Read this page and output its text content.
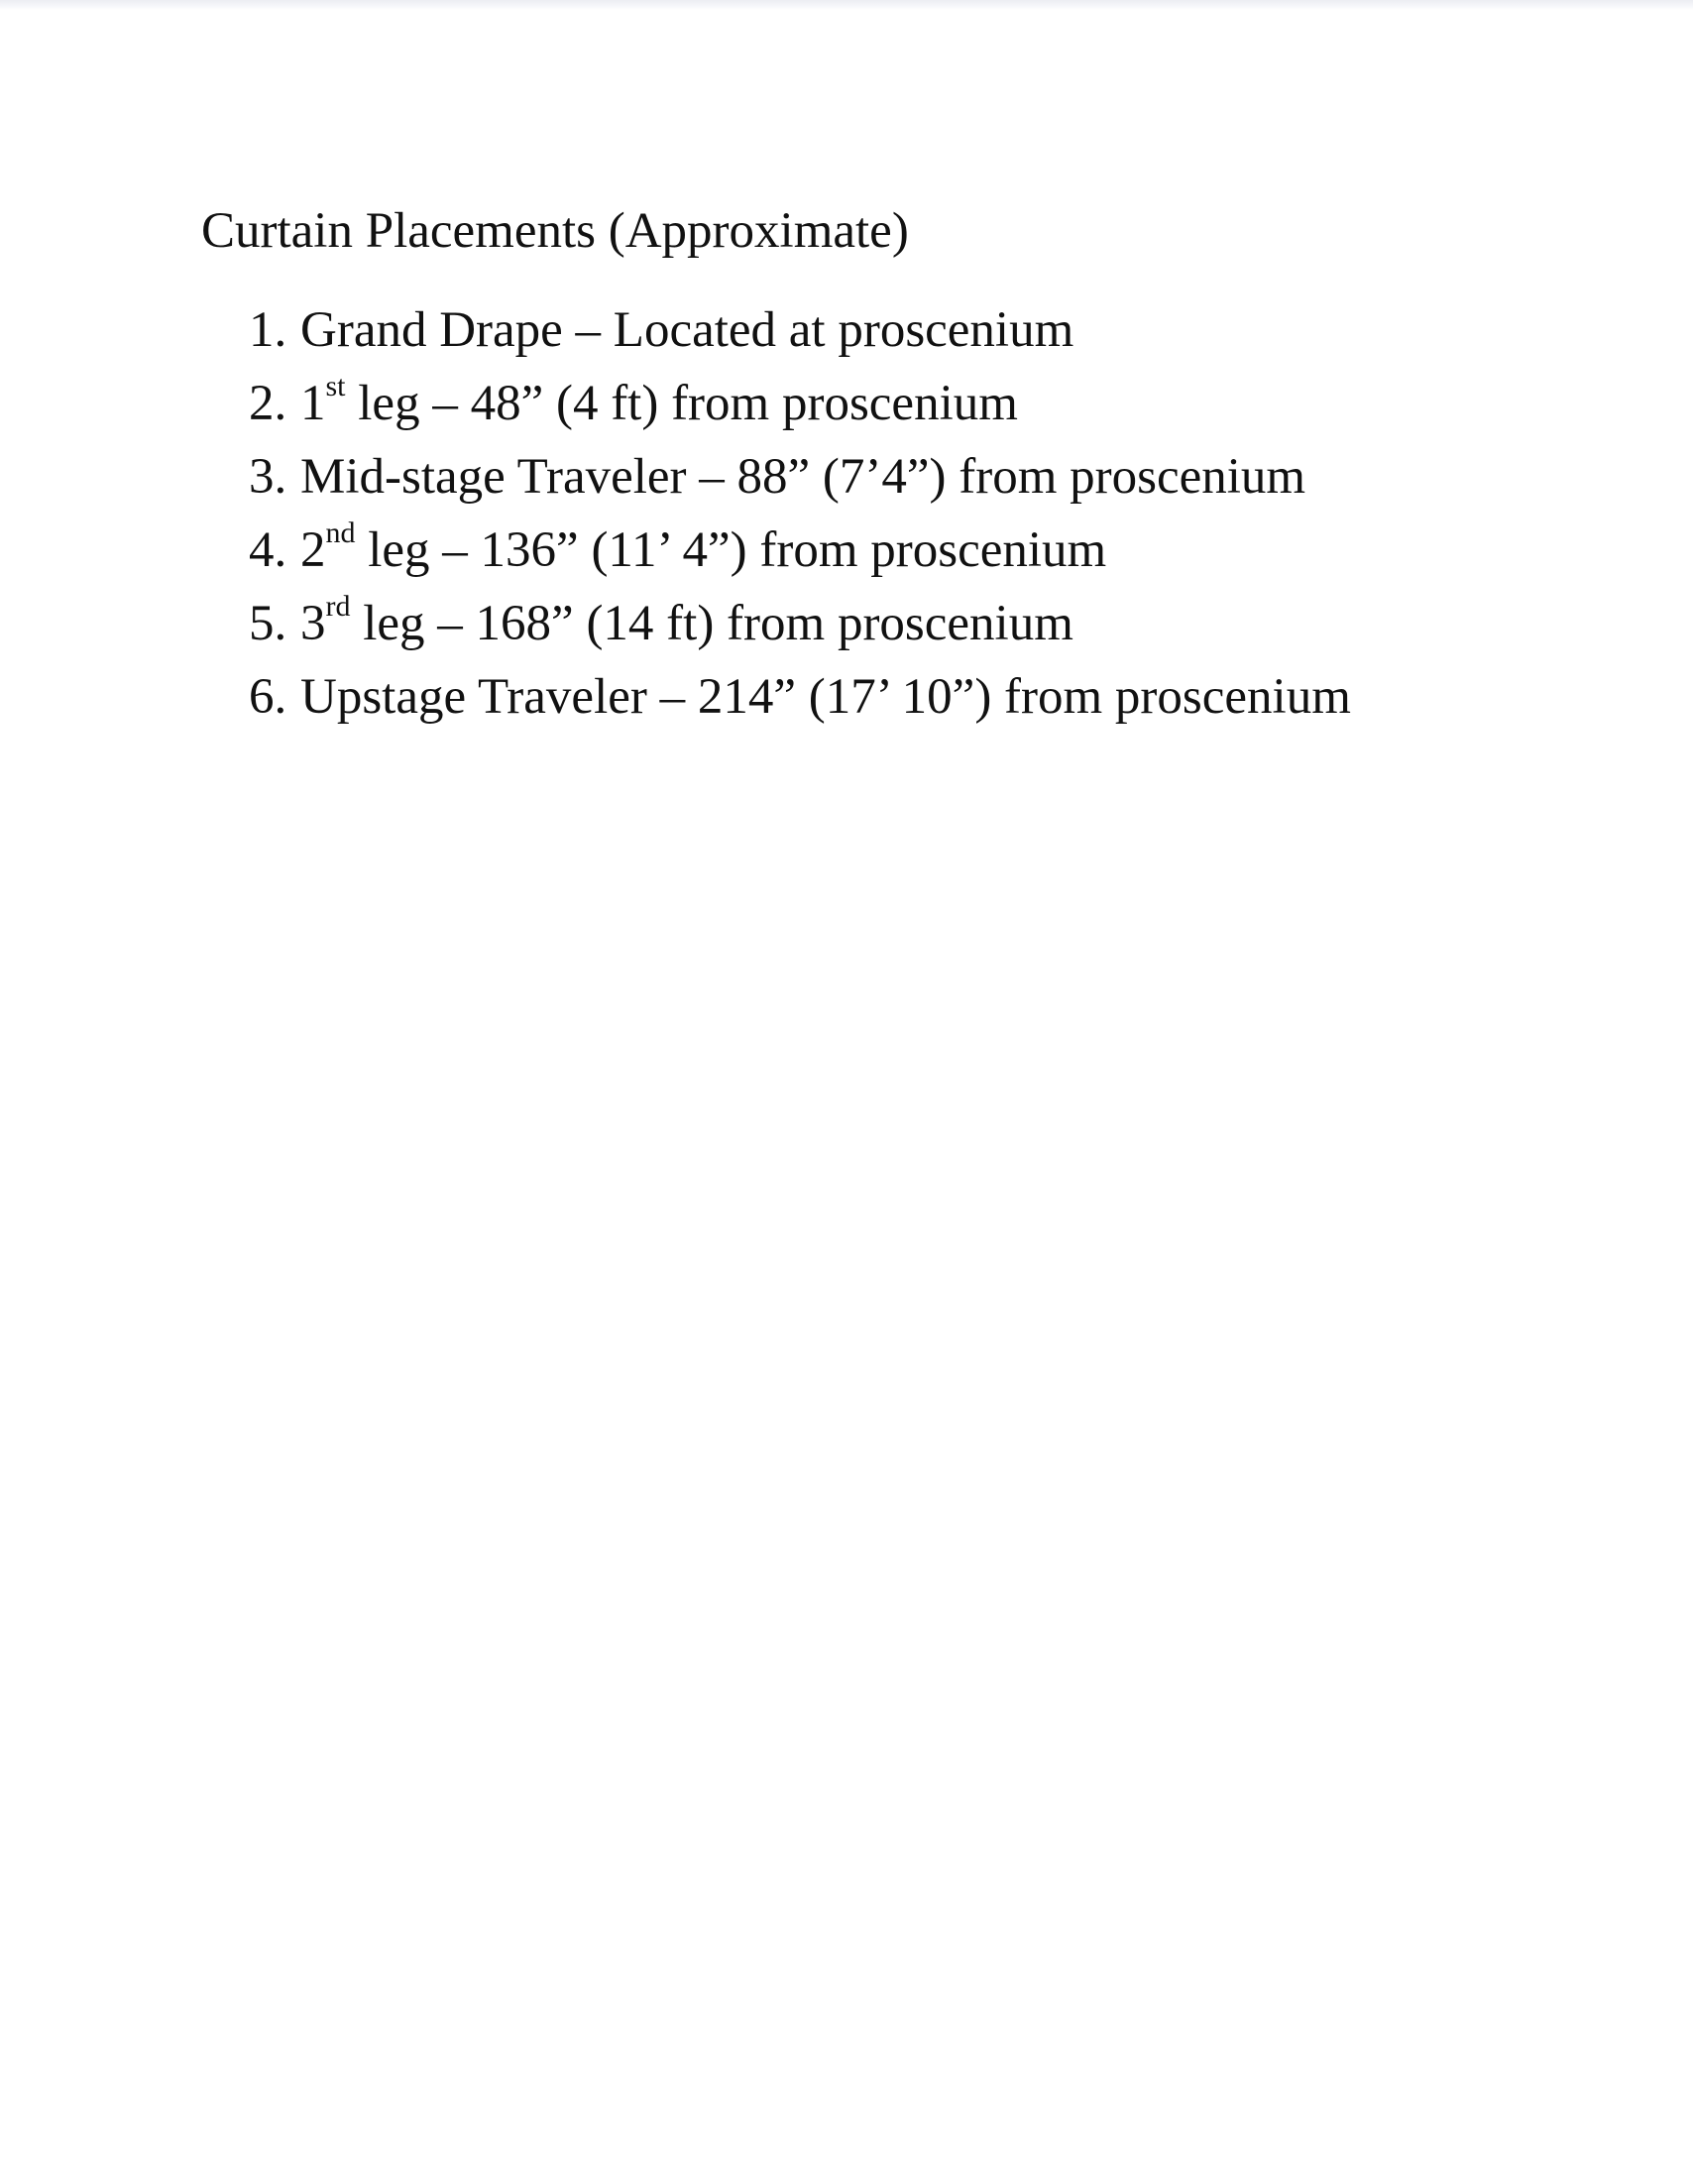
Curtain Placements (Approximate)
1. Grand Drape – Located at proscenium
2. 1st leg – 48” (4 ft) from proscenium
3. Mid-stage Traveler – 88” (7’4”) from proscenium
4. 2nd leg – 136” (11’ 4”) from proscenium
5. 3rd leg – 168” (14 ft) from proscenium
6. Upstage Traveler – 214” (17’ 10”) from proscenium
